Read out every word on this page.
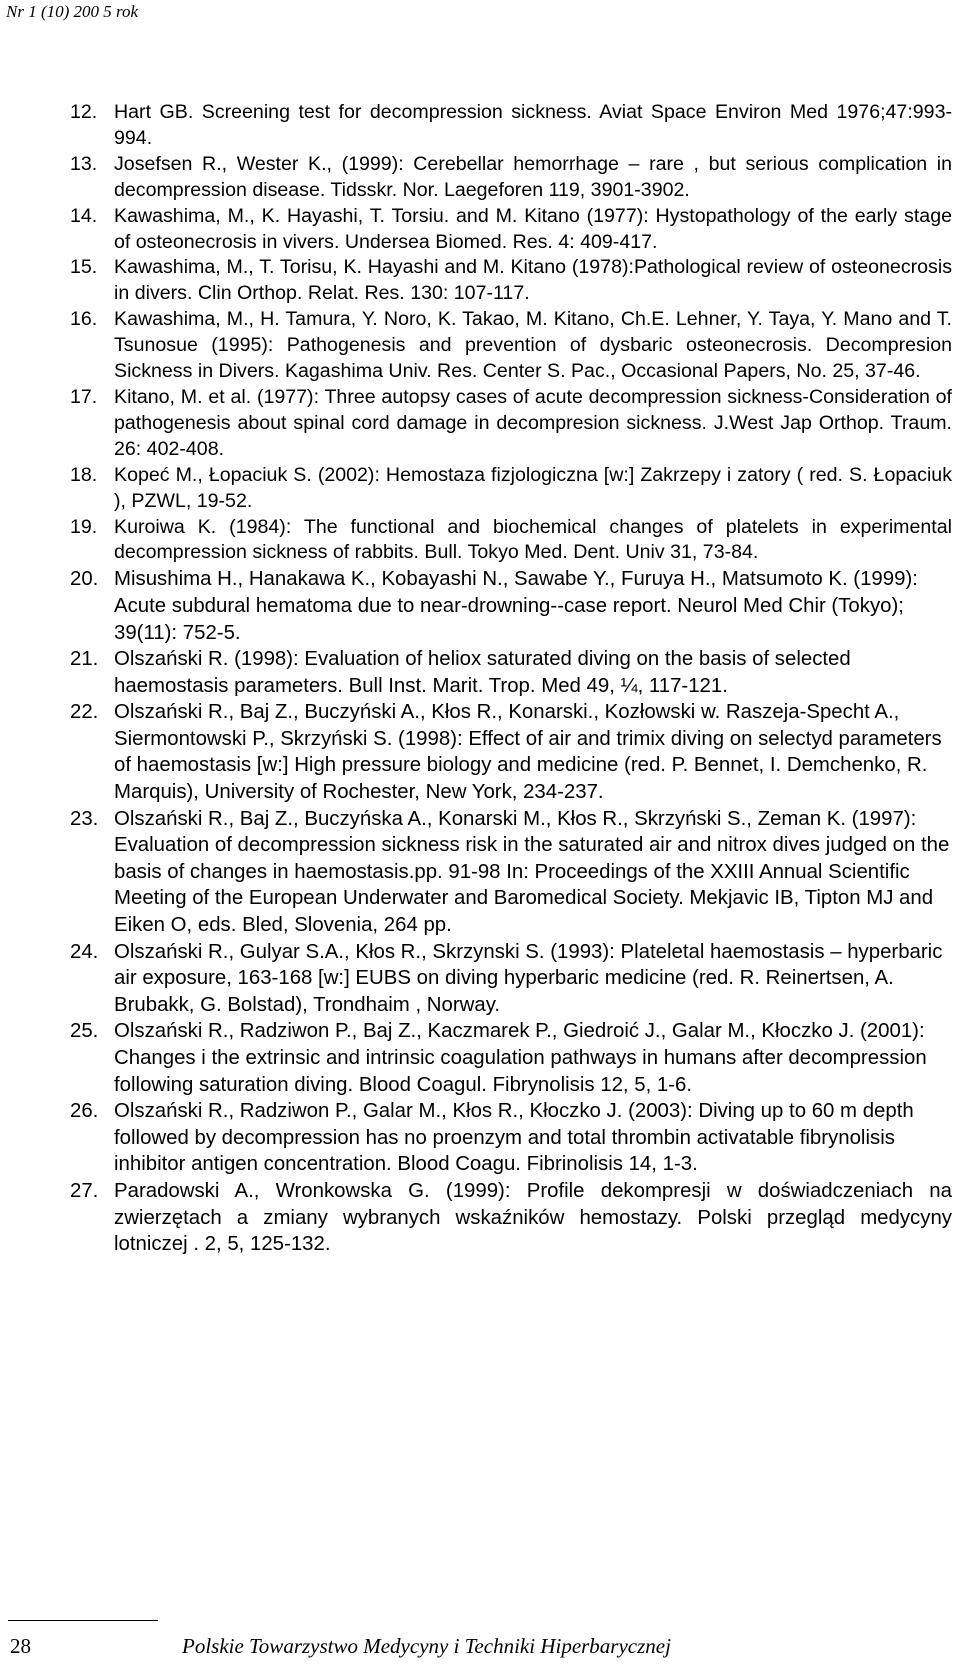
Nr 1 (10) 200 5 rok
12. Hart GB. Screening test for decompression sickness. Aviat Space Environ Med 1976;47:993-994.
13. Josefsen R., Wester K., (1999): Cerebellar hemorrhage – rare , but serious complication in decompression disease. Tidsskr. Nor. Laegeforen 119, 3901-3902.
14. Kawashima, M., K. Hayashi, T. Torsiu. and M. Kitano (1977): Hystopathology of the early stage of osteonecrosis in vivers. Undersea Biomed. Res. 4: 409-417.
15. Kawashima, M., T. Torisu, K. Hayashi and M. Kitano (1978):Pathological review of osteonecrosis in divers. Clin Orthop. Relat. Res. 130: 107-117.
16. Kawashima, M., H. Tamura, Y. Noro, K. Takao, M. Kitano, Ch.E. Lehner, Y. Taya, Y. Mano and T. Tsunosue (1995): Pathogenesis and prevention of dysbaric osteonecrosis. Decompresion Sickness in Divers. Kagashima Univ. Res. Center S. Pac., Occasional Papers, No. 25, 37-46.
17. Kitano, M. et al. (1977): Three autopsy cases of acute decompression sickness-Consideration of pathogenesis about spinal cord damage in decompresion sickness. J.West Jap Orthop. Traum. 26: 402-408.
18. Kopeć M., Łopaciuk S. (2002): Hemostaza fizjologiczna [w:] Zakrzepy i zatory ( red. S. Łopaciuk ), PZWL, 19-52.
19. Kuroiwa K. (1984): The functional and biochemical changes of platelets in experimental decompression sickness of rabbits. Bull. Tokyo Med. Dent. Univ 31, 73-84.
20. Misushima H., Hanakawa K., Kobayashi N., Sawabe Y., Furuya H., Matsumoto K. (1999): Acute subdural hematoma due to near-drowning--case report. Neurol Med Chir (Tokyo); 39(11): 752-5.
21. Olszański R. (1998): Evaluation of heliox saturated diving on the basis of selected haemostasis parameters. Bull Inst. Marit. Trop. Med 49, ¼, 117-121.
22. Olszański R., Baj Z., Buczyński A., Kłos R., Konarski., Kozłowski w. Raszeja-Specht A., Siermontowski P., Skrzyński S. (1998): Effect of air and trimix diving on selectyd parameters of haemostasis [w:] High pressure biology and medicine (red. P. Bennet, I. Demchenko, R. Marquis), University of Rochester, New York, 234-237.
23. Olszański R., Baj Z., Buczyńska A., Konarski M., Kłos R., Skrzyński S., Zeman K. (1997): Evaluation of decompression sickness risk in the saturated air and nitrox dives judged on the basis of changes in haemostasis.pp. 91-98 In: Proceedings of the XXIII Annual Scientific Meeting of the European Underwater and Baromedical Society. Mekjavic IB, Tipton MJ and Eiken O, eds. Bled, Slovenia, 264 pp.
24. Olszański R., Gulyar S.A., Kłos R., Skrzynski S. (1993): Plateletal haemostasis – hyperbaric air exposure, 163-168 [w:] EUBS on diving hyperbaric medicine (red. R. Reinertsen, A. Brubakk, G. Bolstad), Trondhaim , Norway.
25. Olszański R., Radziwon P., Baj Z., Kaczmarek P., Giedroić J., Galar M., Kłoczko J. (2001): Changes i the extrinsic and intrinsic coagulation pathways in humans after decompression following saturation diving. Blood Coagul. Fibrynolisis 12, 5, 1-6.
26. Olszański R., Radziwon P., Galar M., Kłos R., Kłoczko J. (2003): Diving up to 60 m depth followed by decompression has no proenzym and total thrombin activatable fibrynolisis inhibitor antigen concentration. Blood Coagu. Fibrinolisis 14, 1-3.
27. Paradowski A., Wronkowska G. (1999): Profile dekompresji w doświadczeniach na zwierzętach a zmiany wybranych wskaźników hemostazy. Polski przegląd medycyny lotniczej . 2, 5, 125-132.
28	Polskie Towarzystwo Medycyny i Techniki Hiperbarycznej
